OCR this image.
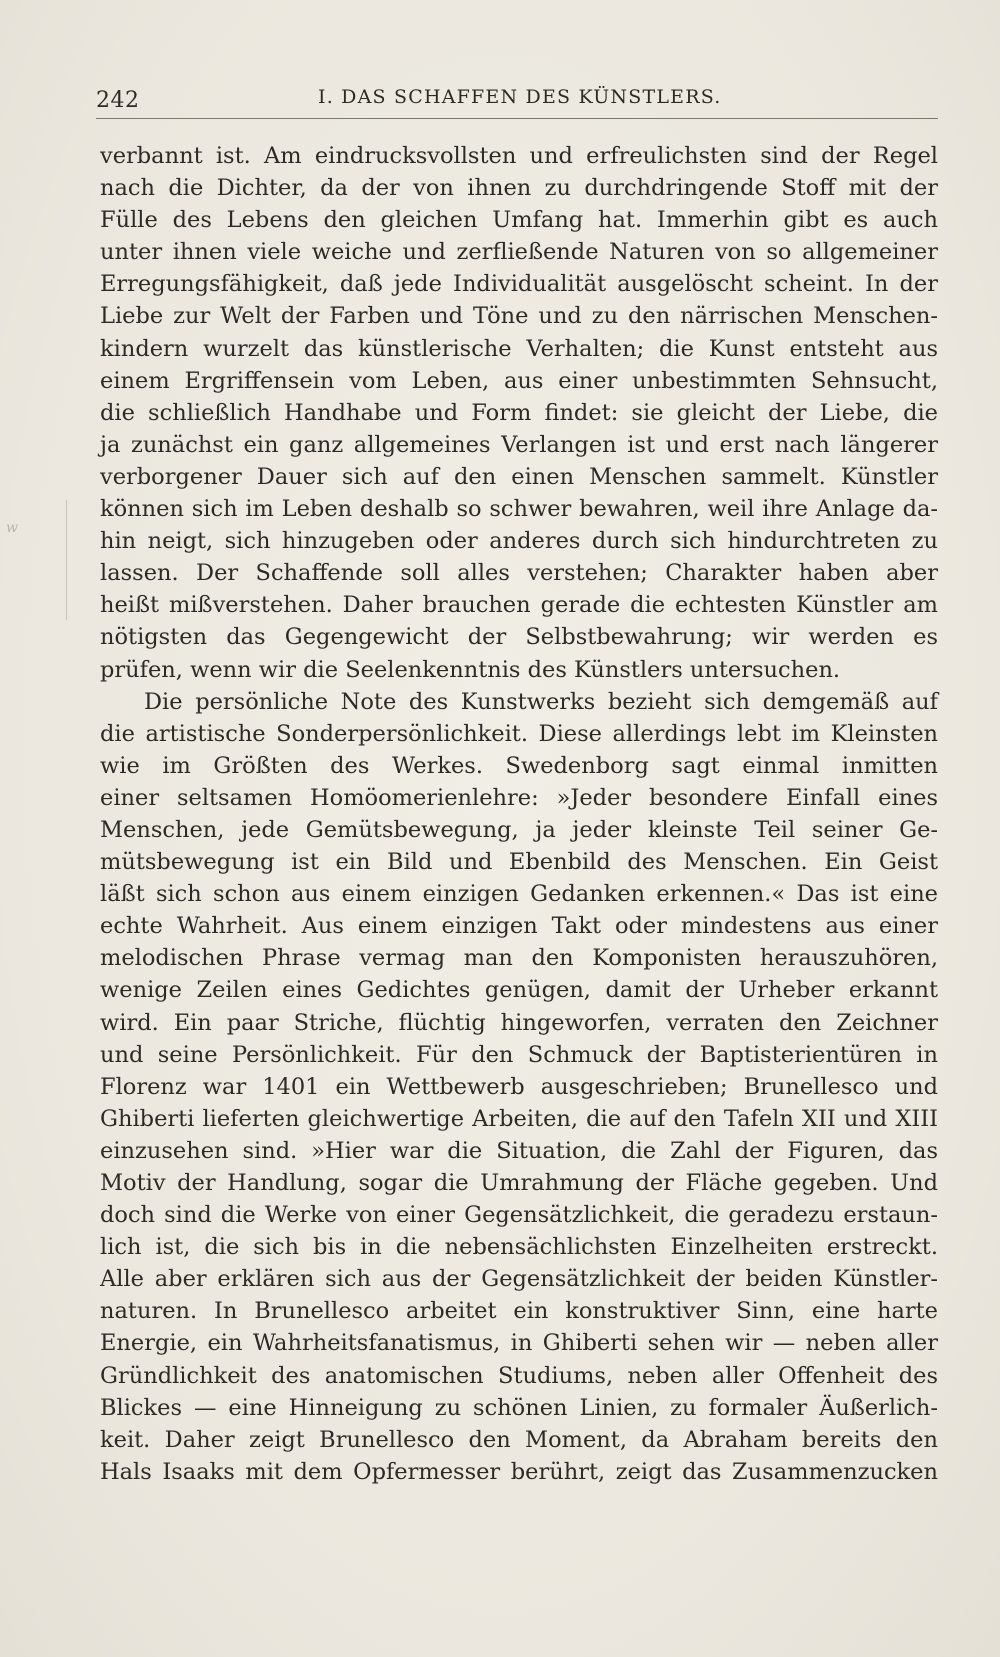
242	I. DAS SCHAFFEN DES KÜNSTLERS.
w
verbannt ist. Am eindrucksvollsten und erfreulichsten sind der Regel
nach die Dichter, da der von ihnen zu durchdringende Stoff mit der
Fülle des Lebens den gleichen Umfang hat. Immerhin gibt es auch
unter ihnen viele weiche und zerfließende Naturen von so allgemeiner
Erregungsfähigkeit, daß jede Individualität ausgelöscht scheint. In der
Liebe zur Welt der Farben und Töne und zu den närrischen Menschen-
kindern wurzelt das künstlerische Verhalten; die Kunst entsteht aus
einem Ergriffensein vom Leben, aus einer unbestimmten Sehnsucht,
die schließlich Handhabe und Form findet: sie gleicht der Liebe, die
ja zunächst ein ganz allgemeines Verlangen ist und erst nach längerer
verborgener Dauer sich auf den einen Menschen sammelt. Künstler
können sich im Leben deshalb so schwer bewahren, weil ihre Anlage da-
hin neigt, sich hinzugeben oder anderes durch sich hindurchtreten zu
lassen. Der Schaffende soll alles verstehen; Charakter haben aber
heißt mißverstehen. Daher brauchen gerade die echtesten Künstler am
nötigsten das Gegengewicht der Selbstbewahrung; wir werden es
prüfen, wenn wir die Seelenkenntnis des Künstlers untersuchen.
Die persönliche Note des Kunstwerks bezieht sich demgemäß auf
die artistische Sonderpersönlichkeit. Diese allerdings lebt im Kleinsten
wie im Größten des Werkes. Swedenborg sagt einmal inmitten
einer seltsamen Homöomerienlehre: »Jeder besondere Einfall eines
Menschen, jede Gemütsbewegung, ja jeder kleinste Teil seiner Ge-
mütsbewegung ist ein Bild und Ebenbild des Menschen. Ein Geist
läßt sich schon aus einem einzigen Gedanken erkennen.« Das ist eine
echte Wahrheit. Aus einem einzigen Takt oder mindestens aus einer
melodischen Phrase vermag man den Komponisten herauszuhören,
wenige Zeilen eines Gedichtes genügen, damit der Urheber erkannt
wird. Ein paar Striche, flüchtig hingeworfen, verraten den Zeichner
und seine Persönlichkeit. Für den Schmuck der Baptisterientüren in
Florenz war 1401 ein Wettbewerb ausgeschrieben; Brunellesco und
Ghiberti lieferten gleichwertige Arbeiten, die auf den Tafeln XII und XIII
einzusehen sind. »Hier war die Situation, die Zahl der Figuren, das
Motiv der Handlung, sogar die Umrahmung der Fläche gegeben. Und
doch sind die Werke von einer Gegensätzlichkeit, die geradezu erstaun-
lich ist, die sich bis in die nebensächlichsten Einzelheiten erstreckt.
Alle aber erklären sich aus der Gegensätzlichkeit der beiden Künstler-
naturen. In Brunellesco arbeitet ein konstruktiver Sinn, eine harte
Energie, ein Wahrheitsfanatismus, in Ghiberti sehen wir — neben aller
Gründlichkeit des anatomischen Studiums, neben aller Offenheit des
Blickes — eine Hinneigung zu schönen Linien, zu formaler Äußerlich-
keit. Daher zeigt Brunellesco den Moment, da Abraham bereits den
Hals Isaaks mit dem Opfermesser berührt, zeigt das Zusammenzucken
